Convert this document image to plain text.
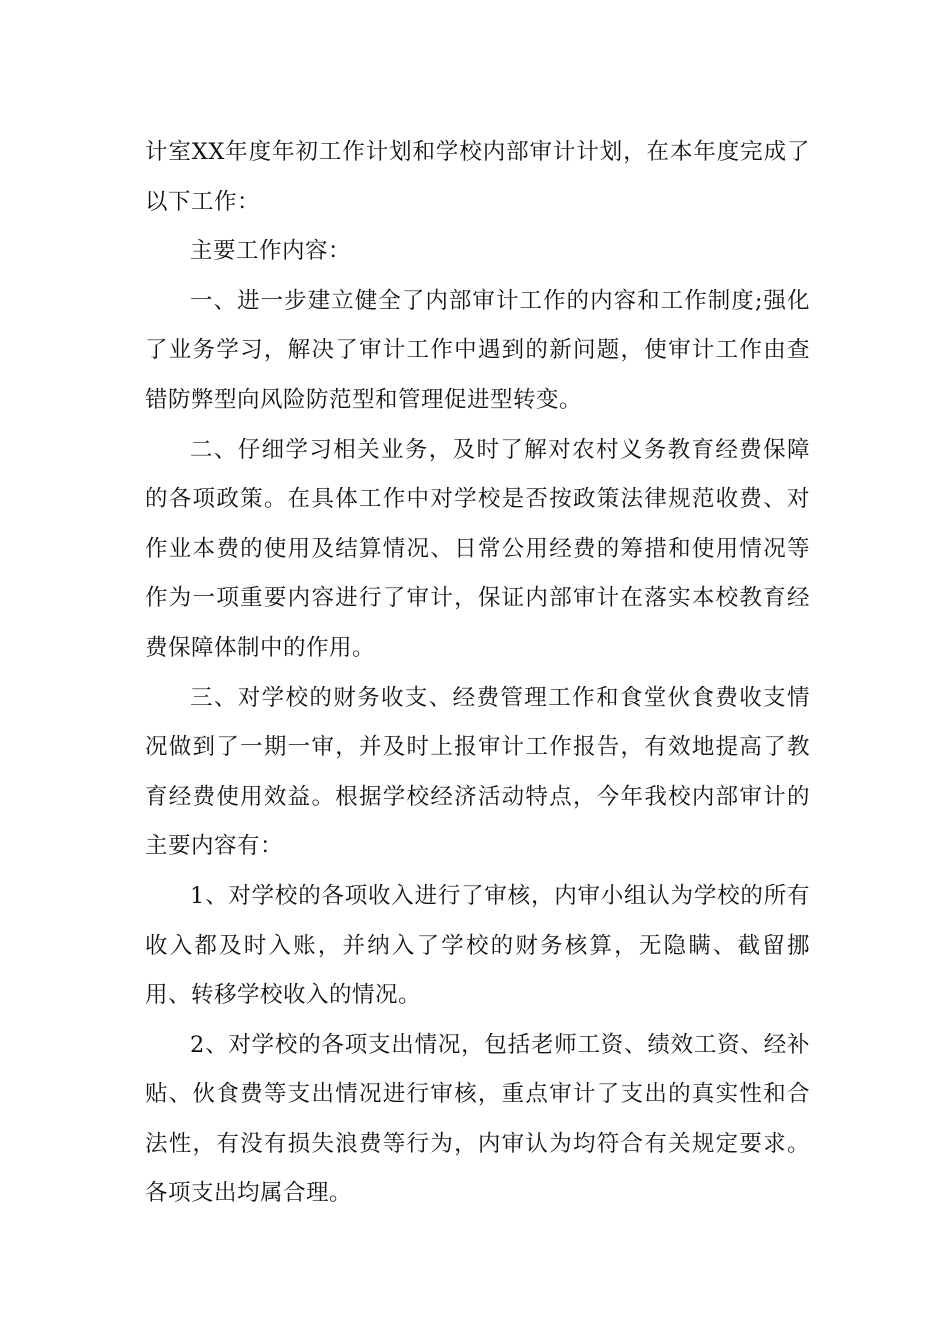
计室XX年度年初工作计划和学校内部审计计划，在本年度完成了以下工作：

主要工作内容：

一、进一步建立健全了内部审计工作的内容和工作制度;强化了业务学习，解决了审计工作中遇到的新问题，使审计工作由查错防弊型向风险防范型和管理促进型转变。

二、仔细学习相关业务，及时了解对农村义务教育经费保障的各项政策。在具体工作中对学校是否按政策法律规范收费、对作业本费的使用及结算情况、日常公用经费的筹措和使用情况等作为一项重要内容进行了审计，保证内部审计在落实本校教育经费保障体制中的作用。

三、对学校的财务收支、经费管理工作和食堂伙食费收支情况做到了一期一审，并及时上报审计工作报告，有效地提高了教育经费使用效益。根据学校经济活动特点，今年我校内部审计的主要内容有：

1、对学校的各项收入进行了审核，内审小组认为学校的所有收入都及时入账，并纳入了学校的财务核算，无隐瞒、截留挪用、转移学校收入的情况。

2、对学校的各项支出情况，包括老师工资、绩效工资、经补贴、伙食费等支出情况进行审核，重点审计了支出的真实性和合法性，有没有损失浪费等行为，内审认为均符合有关规定要求。各项支出均属合理。
